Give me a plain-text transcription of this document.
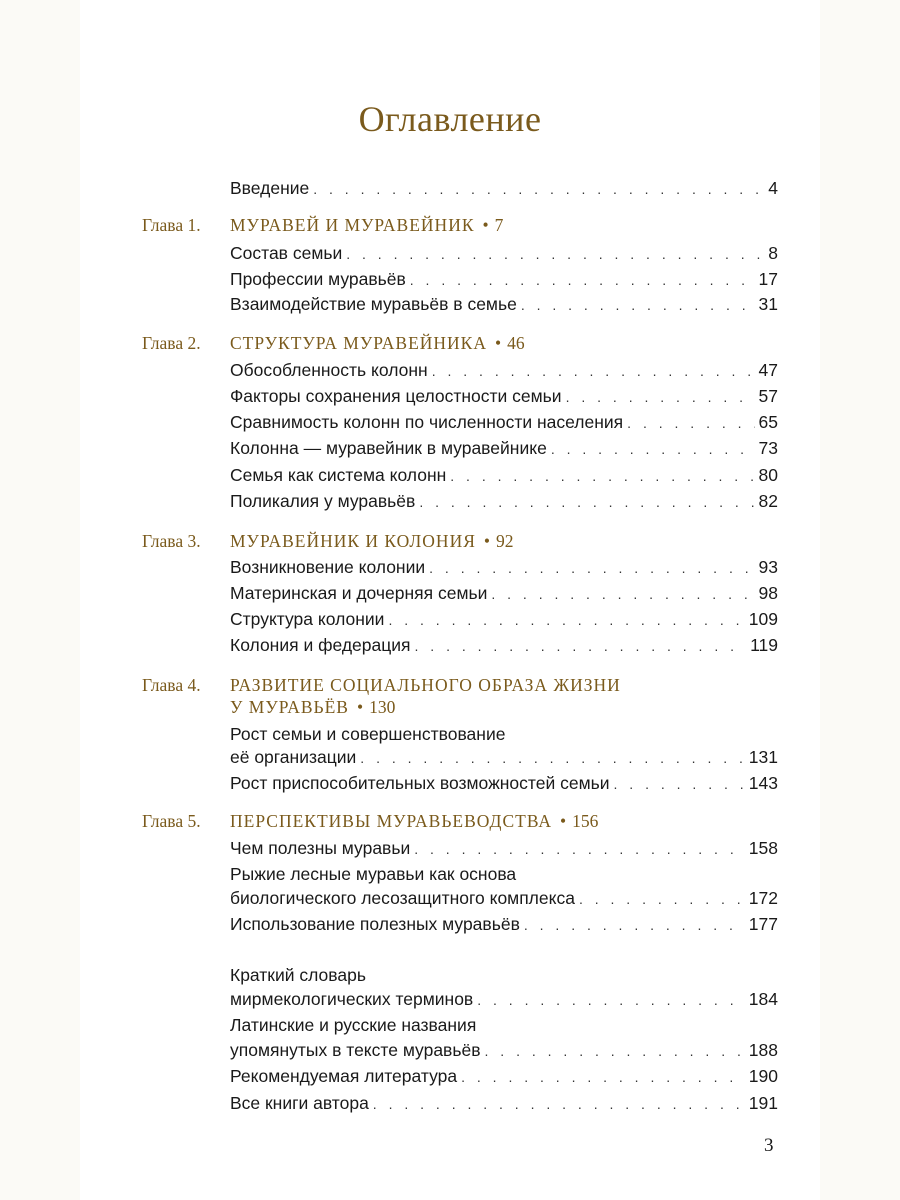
Оглавление
Введение . . .	4
Глава 1. МУРАВЕЙ И МУРАВЕЙНИК • 7
Состав семьи . . .	8
Профессии муравьёв . . .	17
Взаимодействие муравьёв в семье . . .	31
Глава 2. СТРУКТУРА МУРАВЕЙНИКА • 46
Обособленность колонн . . .	47
Факторы сохранения целостности семьи . . .	57
Сравнимость колонн по численности населения . . .	65
Колонна — муравейник в муравейнике . . .	73
Семья как система колонн . . .	80
Поликалия у муравьёв . . .	82
Глава 3. МУРАВЕЙНИК И КОЛОНИЯ • 92
Возникновение колонии . . .	93
Материнская и дочерняя семьи . . .	98
Структура колонии . . .	109
Колония и федерация . . .	119
Глава 4. РАЗВИТИЕ СОЦИАЛЬНОГО ОБРАЗА ЖИЗНИ
У МУРАВЬЁВ • 130
Рост семьи и совершенствование
её организации . . .	131
Рост приспособительных возможностей семьи . . .	143
Глава 5. ПЕРСПЕКТИВЫ МУРАВЬЕВОДСТВА • 156
Чем полезны муравьи . . .	158
Рыжие лесные муравьи как основа
биологического лесозащитного комплекса . . .	172
Использование полезных муравьёв . . .	177
Краткий словарь
мирмекологических терминов . . .	184
Латинские и русские названия
упомянутых в тексте муравьёв . . .	188
Рекомендуемая литература . . .	190
Все книги автора . . .	191
3
